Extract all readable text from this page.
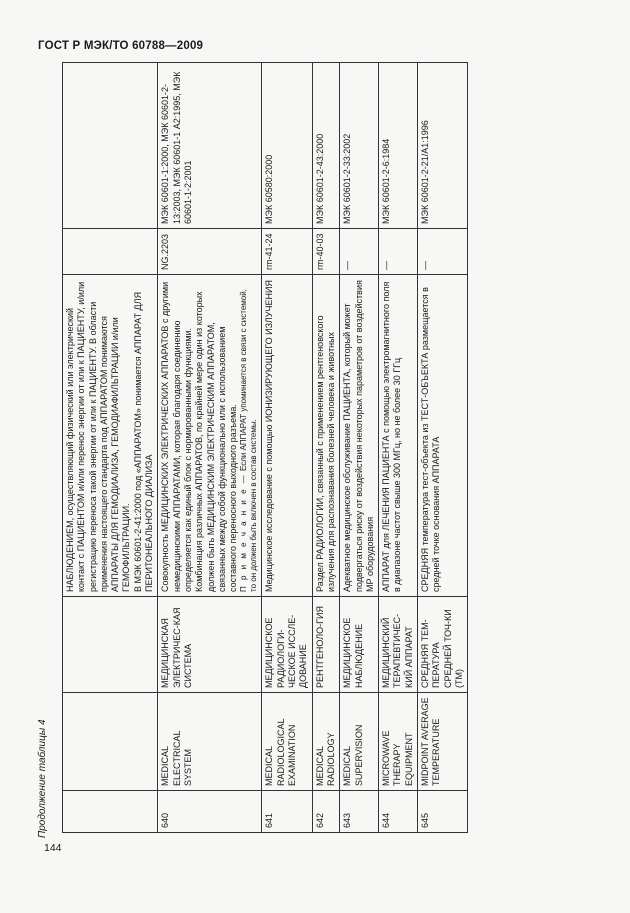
ГОСТ Р МЭК/ТО 60788—2009
Продолжение таблицы 4
144

			НАБЛЮДЕНИЕМ, осуществляющий физический или электрический контакт с ПАЦИЕНТОМ и/или перенос энергии от или к ПАЦИЕНТУ, и/или регистрацию переноса такой энергии от или к ПАЦИЕНТУ. В области применения настоящего стандарта под АППАРАТОМ понимаются АППАРАТЫ ДЛЯ ГЕМОДИАЛИЗА, ГЕМОДИАФИЛЬТРАЦИИ и/или ГЕМОФИЛЬТРАЦИИ. В МЭК 60601-2-41:2000 под «АППАРАТОМ» понимается АППАРАТ ДЛЯ ПЕРИТОНЕАЛЬНОГО ДИАЛИЗА		

640	MEDICAL ELECTRICAL SYSTEM	МЕДИЦИНСКАЯ ЭЛЕКТРИЧЕС-КАЯ СИСТЕМА	Совокупность МЕДИЦИНСКИХ ЭЛЕКТРИЧЕСКИХ АППАРАТОВ с другими немедицинскими АППАРАТАМИ, которая благодаря соединению определяется как единый блок с нормированными функциями. Комбинация различных АППАРАТОВ, по крайней мере один из которых должен быть МЕДИЦИНСКИМ ЭЛЕКТРИЧЕСКИМ АППАРАТОМ, связанных между собой функционально или с использованием составного переносного выходного разъема. П р и м е ч а н и е — Если АППАРАТ упоминается в связи с системой, то он должен быть включен в состав системы.	NG.2203	МЭК 60601-1:2000, МЭК 60601-2-13:2003, МЭК 60601-1 А2:1995, МЭК 60601-1-2:2001
641	MEDICAL RADIOLOGICAL EXAMINATION	МЕДИЦИНСКОЕ РАДИОЛОГИ-ЧЕСКОЕ ИССЛЕ-ДОВАНИЕ	Медицинское исследование с помощью ИОНИЗИРУЮЩЕГО ИЗЛУЧЕНИЯ	rm-41-24	МЭК 60580:2000
642	MEDICAL RADIOLOGY	РЕНТГЕНОЛО-ГИЯ	Раздел РАДИОЛОГИИ, связанный с применением рентгеновского излучения для распознавания болезней человека и животных	rm-40-03	МЭК 60601-2-43:2000
643	MEDICAL SUPERVISION	МЕДИЦИНСКОЕ НАБЛЮДЕНИЕ	Адекватное медицинское обслуживание ПАЦИЕНТА, который может подвергаться риску от воздействия некоторых параметров от воздействия МР оборудования	—	МЭК 60601-2-33:2002
644	MICROWAVE THERAPY EQUIPMENT	МЕДИЦИНСКИЙ ТЕРАПЕВТИЧЕС-КИЙ АППАРАТ	АППАРАТ для ЛЕЧЕНИЯ ПАЦИЕНТА с помощью электромагнитного поля в диапазоне частот свыше 300 МГц, но не более 30 ГГц	—	МЭК 60601-2-6:1984
645	MIDPOINT AVERAGE TEMPERATURE	СРЕДНЯЯ ТЕМ-ПЕРАТУРА СРЕДНЕЙ ТОЧ-КИ (ТМ)	СРЕДНЯЯ температура тест-объекта из ТЕСТ-ОБЪЕКТА размещается в средней точке основания АППАРАТА	—	МЭК 60601-2-21/А1:1996
